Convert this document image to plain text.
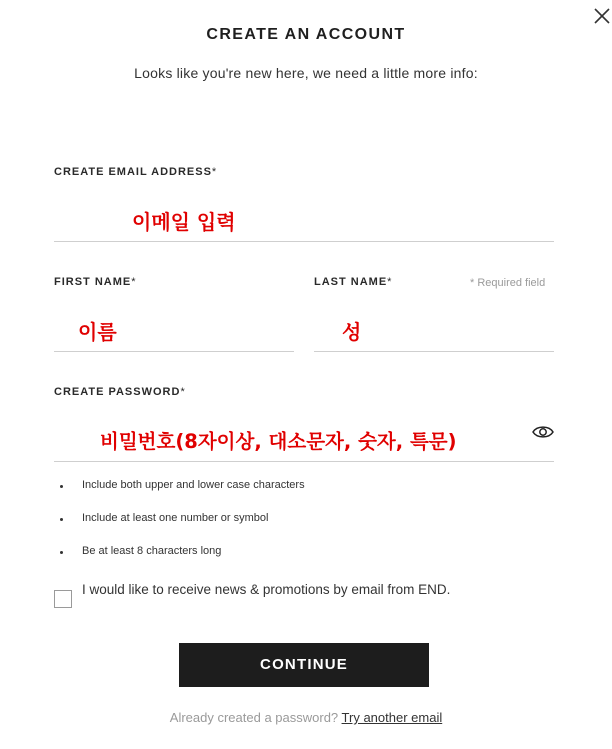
CREATE AN ACCOUNT
Looks like you're new here, we need a little more info:
CREATE EMAIL ADDRESS*
이메일 입력
FIRST NAME*	LAST NAME*	* Required field
이름	성
CREATE PASSWORD*
비밀번호(8자이상, 대소문자, 숫자, 특문)
Include both upper and lower case characters
Include at least one number or symbol
Be at least 8 characters long
I would like to receive news & promotions by email from END.
CONTINUE
Already created a password? Try another email
